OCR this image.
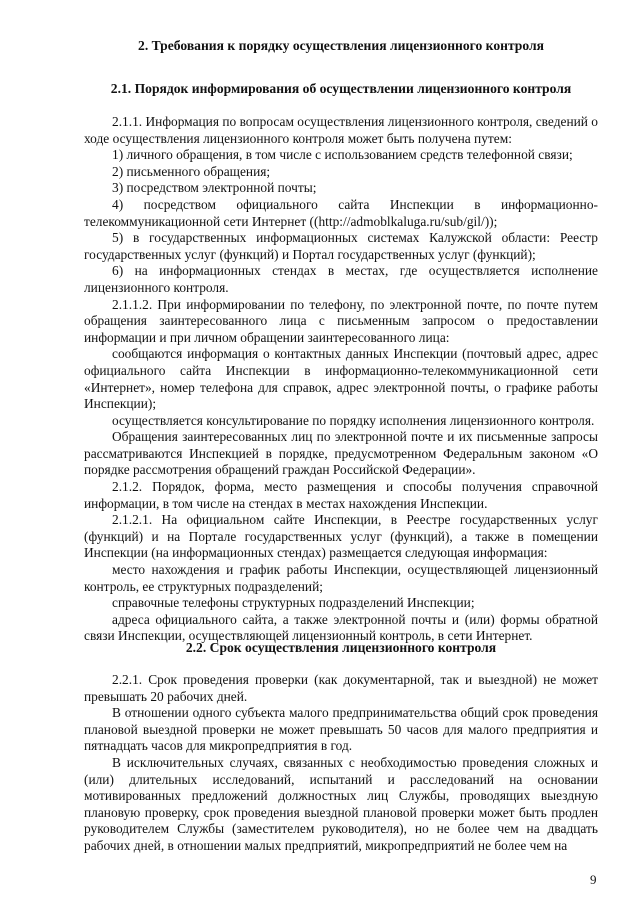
2. Требования к порядку осуществления лицензионного контроля
2.1. Порядок информирования об осуществлении лицензионного контроля

2.1.1. Информация по вопросам осуществления лицензионного контроля, сведений о ходе осуществления лицензионного контроля может быть получена путем:

1) личного обращения, в том числе с использованием средств телефонной связи;

2) письменного обращения;

3) посредством электронной почты;

4) посредством официального сайта Инспекции в информационно-телекоммуникационной сети Интернет ((http://admoblkaluga.ru/sub/gil/));

5) в государственных информационных системах Калужской области: Реестр государственных услуг (функций) и Портал государственных услуг (функций);

6) на информационных стендах в местах, где осуществляется исполнение лицензионного контроля.

2.1.1.2. При информировании по телефону, по электронной почте, по почте путем обращения заинтересованного лица с письменным запросом о предоставлении информации и при личном обращении заинтересованного лица:

сообщаются информация о контактных данных Инспекции (почтовый адрес, адрес официального сайта Инспекции в информационно-телекоммуникационной сети «Интернет», номер телефона для справок, адрес электронной почты, о графике работы Инспекции);

осуществляется консультирование по порядку исполнения лицензионного контроля.

Обращения заинтересованных лиц по электронной почте и их письменные запросы рассматриваются Инспекцией в порядке, предусмотренном Федеральным законом «О порядке рассмотрения обращений граждан Российской Федерации».

2.1.2. Порядок, форма, место размещения и способы получения справочной информации, в том числе на стендах в местах нахождения Инспекции.

2.1.2.1. На официальном сайте Инспекции, в Реестре государственных услуг (функций) и на Портале государственных услуг (функций), а также в помещении Инспекции (на информационных стендах) размещается следующая информация:

место нахождения и график работы Инспекции, осуществляющей лицензионный контроль, ее структурных подразделений;

справочные телефоны структурных подразделений Инспекции;

адреса официального сайта, а также электронной почты и (или) формы обратной связи Инспекции, осуществляющей лицензионный контроль, в сети Интернет.

2.2. Срок осуществления лицензионного контроля

2.2.1. Срок проведения проверки (как документарной, так и выездной) не может превышать 20 рабочих дней.

В отношении одного субъекта малого предпринимательства общий срок проведения плановой выездной проверки не может превышать 50 часов для малого предприятия и пятнадцать часов для микропредприятия в год.

В исключительных случаях, связанных с необходимостью проведения сложных и (или) длительных исследований, испытаний и расследований на основании мотивированных предложений должностных лиц Службы, проводящих выездную плановую проверку, срок проведения выездной плановой проверки может быть продлен руководителем Службы (заместителем руководителя), но не более чем на двадцать рабочих дней, в отношении малых предприятий, микропредприятий не более чем на

9
